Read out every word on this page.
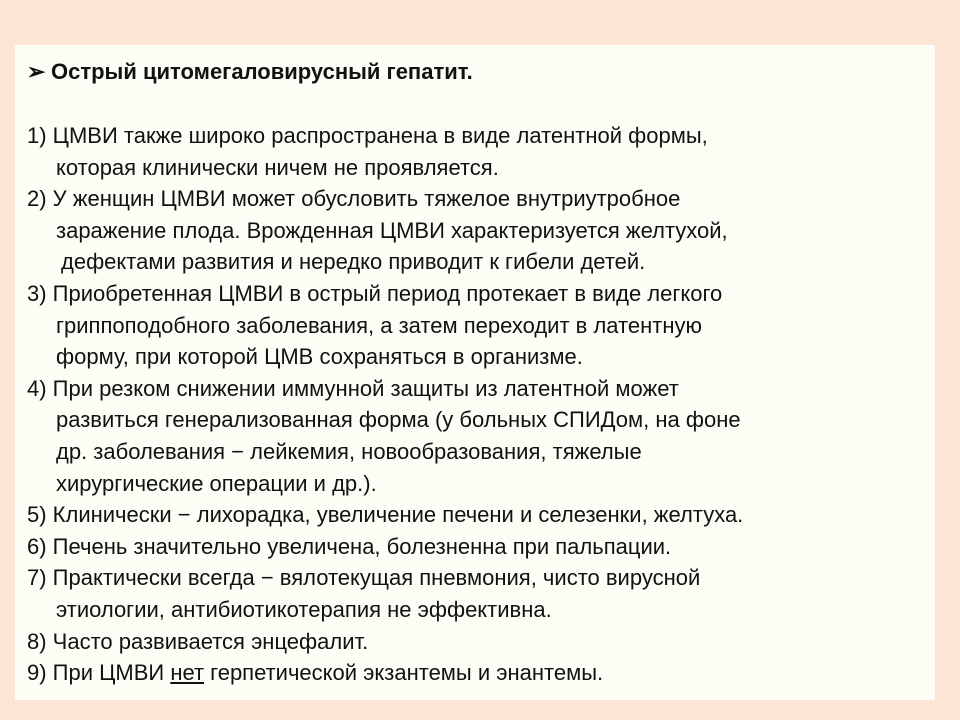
➢ Острый цитомегаловирусный гепатит.
1) ЦМВИ также широко распространена в виде латентной формы,
которая клинически ничем не проявляется.
2) У женщин ЦМВИ может обусловить тяжелое внутриутробное
заражение плода. Врожденная ЦМВИ характеризуется желтухой,
дефектами развития и нередко приводит к гибели детей.
3) Приобретенная ЦМВИ в острый период протекает в виде легкого
гриппоподобного заболевания, а затем переходит в латентную
форму, при которой ЦМВ сохраняться в организме.
4) При резком снижении иммунной защиты из латентной может
развиться генерализованная форма (у больных СПИДом, на фоне
др. заболевания − лейкемия, новообразования, тяжелые
хирургические операции и др.).
5) Клинически − лихорадка, увеличение печени и селезенки, желтуха.
6) Печень значительно увеличена, болезненна при пальпации.
7) Практически всегда − вялотекущая пневмония, чисто вирусной
этиологии, антибиотикотерапия не эффективна.
8) Часто развивается энцефалит.
9) При ЦМВИ нет герпетической экзантемы и энантемы.
